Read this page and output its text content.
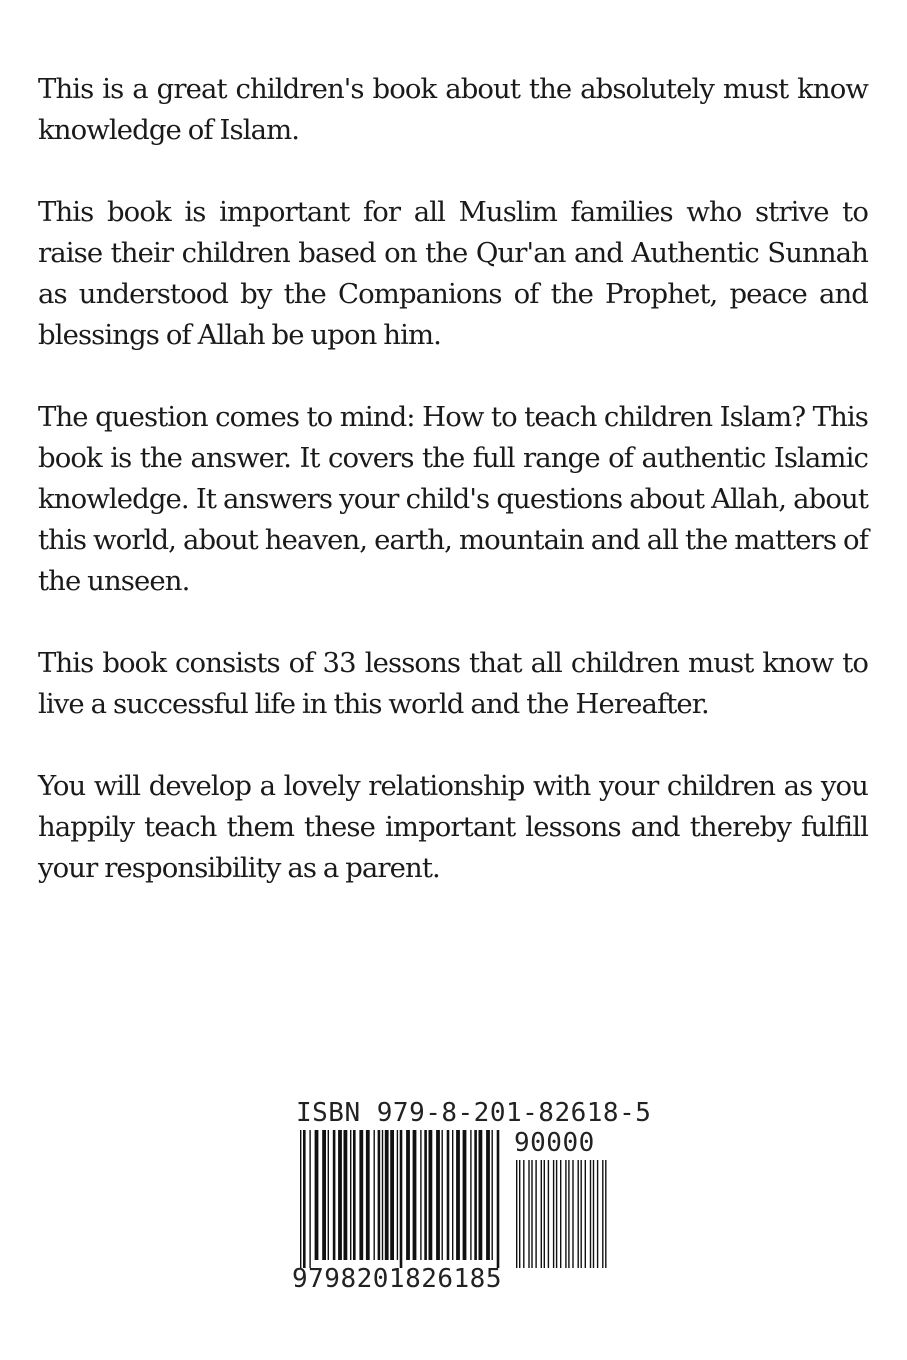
This is a great children's book about the absolutely must know knowledge of Islam.

This book is important for all Muslim families who strive to raise their children based on the Qur'an and Authentic Sunnah as understood by the Companions of the Prophet, peace and blessings of Allah be upon him.

The question comes to mind: How to teach children Islam? This book is the answer. It covers the full range of authentic Islamic knowledge. It answers your child's questions about Allah, about this world, about heaven, earth, mountain and all the matters of the unseen.

This book consists of 33 lessons that all children must know to live a successful life in this world and the Hereafter.

You will develop a lovely relationship with your children as you happily teach them these important lessons and thereby fulfill your responsibility as a parent.

ISBN 979-8-201-82618-5
90000
9798201826185
